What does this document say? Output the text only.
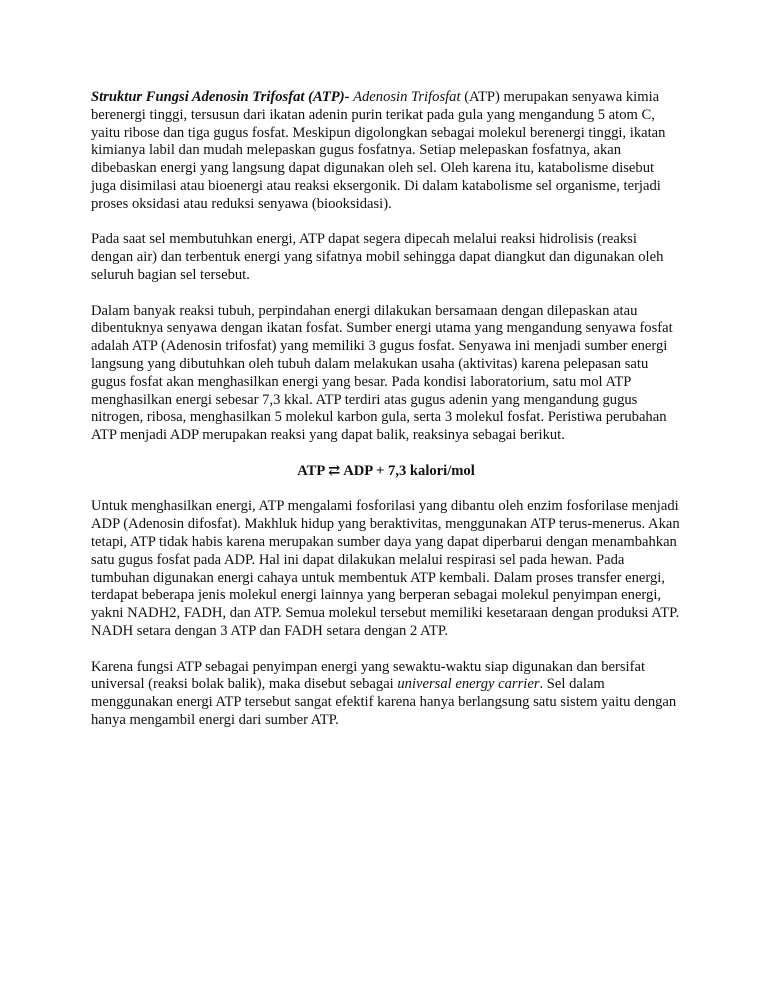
Struktur Fungsi Adenosin Trifosfat (ATP)- Adenosin Trifosfat (ATP) merupakan senyawa kimia berenergi tinggi, tersusun dari ikatan adenin purin terikat pada gula yang mengandung 5 atom C, yaitu ribose dan tiga gugus fosfat. Meskipun digolongkan sebagai molekul berenergi tinggi, ikatan kimianya labil dan mudah melepaskan gugus fosfatnya. Setiap melepaskan fosfatnya, akan dibebaskan energi yang langsung dapat digunakan oleh sel. Oleh karena itu, katabolisme disebut juga disimilasi atau bioenergi atau reaksi eksergonik. Di dalam katabolisme sel organisme, terjadi proses oksidasi atau reduksi senyawa (biooksidasi).

Pada saat sel membutuhkan energi, ATP dapat segera dipecah melalui reaksi hidrolisis (reaksi dengan air) dan terbentuk energi yang sifatnya mobil sehingga dapat diangkut dan digunakan oleh seluruh bagian sel tersebut.

Dalam banyak reaksi tubuh, perpindahan energi dilakukan bersamaan dengan dilepaskan atau dibentuknya senyawa dengan ikatan fosfat. Sumber energi utama yang mengandung senyawa fosfat adalah ATP (Adenosin trifosfat) yang memiliki 3 gugus fosfat. Senyawa ini menjadi sumber energi langsung yang dibutuhkan oleh tubuh dalam melakukan usaha (aktivitas) karena pelepasan satu gugus fosfat akan menghasilkan energi yang besar. Pada kondisi laboratorium, satu mol ATP menghasilkan energi sebesar 7,3 kkal. ATP terdiri atas gugus adenin yang mengandung gugus nitrogen, ribosa, menghasilkan 5 molekul karbon gula, serta 3 molekul fosfat. Peristiwa perubahan ATP menjadi ADP merupakan reaksi yang dapat balik, reaksinya sebagai berikut.

ATP ⇄ ADP + 7,3 kalori/mol

Untuk menghasilkan energi, ATP mengalami fosforilasi yang dibantu oleh enzim fosforilase menjadi ADP (Adenosin difosfat). Makhluk hidup yang beraktivitas, menggunakan ATP terus-menerus. Akan tetapi, ATP tidak habis karena merupakan sumber daya yang dapat diperbarui dengan menambahkan satu gugus fosfat pada ADP. Hal ini dapat dilakukan melalui respirasi sel pada hewan. Pada tumbuhan digunakan energi cahaya untuk membentuk ATP kembali. Dalam proses transfer energi, terdapat beberapa jenis molekul energi lainnya yang berperan sebagai molekul penyimpan energi, yakni NADH2, FADH, dan ATP. Semua molekul tersebut memiliki kesetaraan dengan produksi ATP. NADH setara dengan 3 ATP dan FADH setara dengan 2 ATP.

Karena fungsi ATP sebagai penyimpan energi yang sewaktu-waktu siap digunakan dan bersifat universal (reaksi bolak balik), maka disebut sebagai universal energy carrier. Sel dalam menggunakan energi ATP tersebut sangat efektif karena hanya berlangsung satu sistem yaitu dengan hanya mengambil energi dari sumber ATP.
